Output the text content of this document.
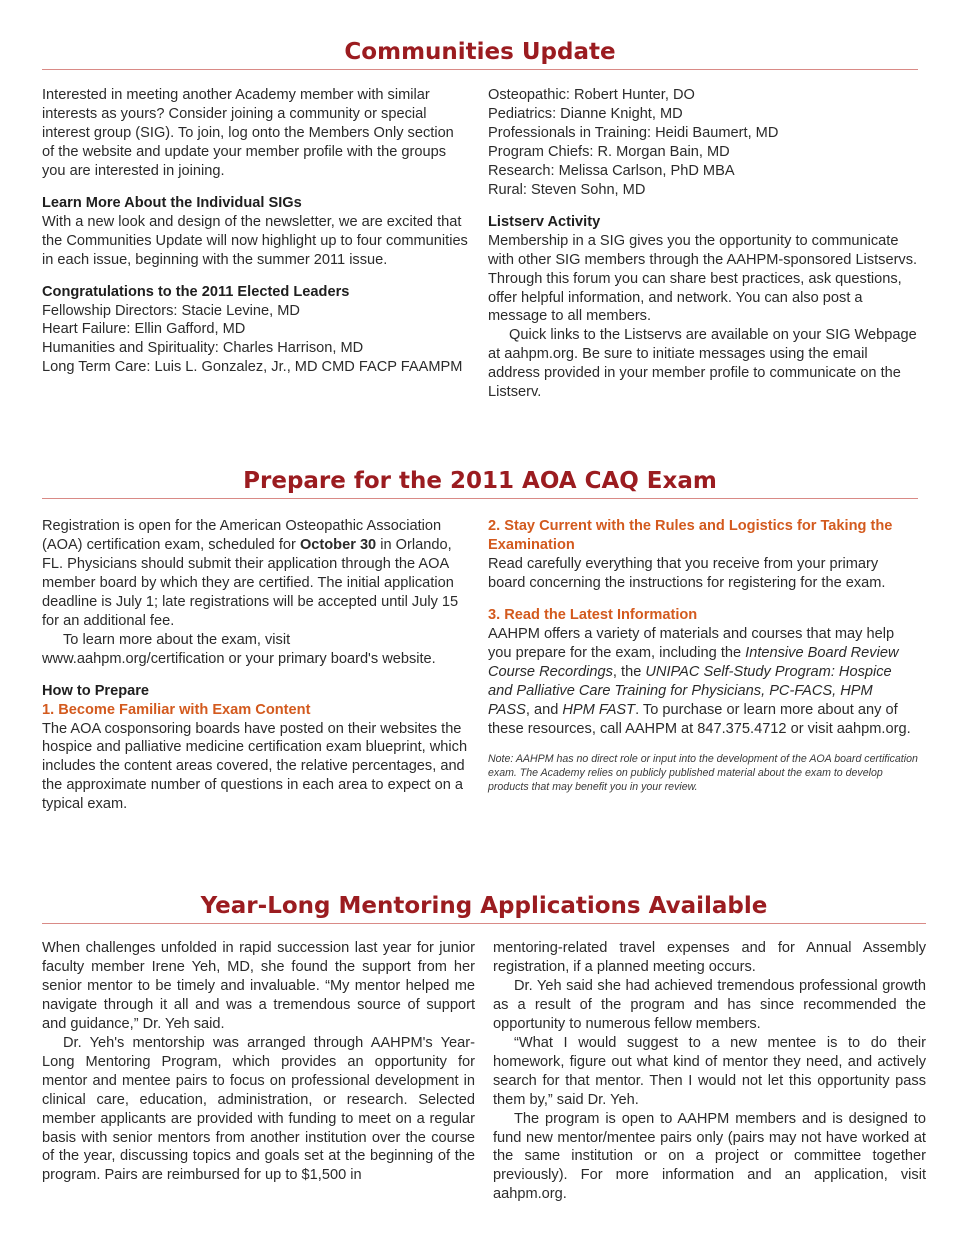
Communities Update

Interested in meeting another Academy member with similar interests as yours? Consider joining a community or special interest group (SIG). To join, log onto the Members Only section of the website and update your member profile with the groups you are interested in joining.

Learn More About the Individual SIGs

With a new look and design of the newsletter, we are excited that the Communities Update will now highlight up to four communities in each issue, beginning with the summer 2011 issue.

Congratulations to the 2011 Elected Leaders

Fellowship Directors: Stacie Levine, MD

Heart Failure: Ellin Gafford, MD

Humanities and Spirituality: Charles Harrison, MD

Long Term Care: Luis L. Gonzalez, Jr., MD CMD FACP FAAMPM

Osteopathic: Robert Hunter, DO

Pediatrics: Dianne Knight, MD

Professionals in Training: Heidi Baumert, MD

Program Chiefs: R. Morgan Bain, MD

Research: Melissa Carlson, PhD MBA

Rural: Steven Sohn, MD

Listserv Activity

Membership in a SIG gives you the opportunity to communicate with other SIG members through the AAHPM-sponsored Listservs. Through this forum you can share best practices, ask questions, offer helpful information, and network. You can also post a message to all members.

Quick links to the Listservs are available on your SIG Webpage at aahpm.org. Be sure to initiate messages using the email address provided in your member profile to communicate on the Listserv.

Prepare for the 2011 AOA CAQ Exam

Registration is open for the American Osteopathic Association (AOA) certification exam, scheduled for October 30 in Orlando, FL. Physicians should submit their application through the AOA member board by which they are certified. The initial application deadline is July 1; late registrations will be accepted until July 15 for an additional fee.

To learn more about the exam, visit www.aahpm.org/certification or your primary board's website.

How to Prepare

1. Become Familiar with Exam Content

The AOA cosponsoring boards have posted on their websites the hospice and palliative medicine certification exam blueprint, which includes the content areas covered, the relative percentages, and the approximate number of questions in each area to expect on a typical exam.

2. Stay Current with the Rules and Logistics for Taking the Examination

Read carefully everything that you receive from your primary board concerning the instructions for registering for the exam.

3. Read the Latest Information

AAHPM offers a variety of materials and courses that may help you prepare for the exam, including the Intensive Board Review Course Recordings, the UNIPAC Self-Study Program: Hospice and Palliative Care Training for Physicians, PC-FACS, HPM PASS, and HPM FAST. To purchase or learn more about any of these resources, call AAHPM at 847.375.4712 or visit aahpm.org.

Note: AAHPM has no direct role or input into the development of the AOA board certification exam. The Academy relies on publicly published material about the exam to develop products that may benefit you in your review.

Year-Long Mentoring Applications Available

When challenges unfolded in rapid succession last year for junior faculty member Irene Yeh, MD, she found the support from her senior mentor to be timely and invaluable. “My mentor helped me navigate through it all and was a tremendous source of support and guidance,” Dr. Yeh said.

Dr. Yeh's mentorship was arranged through AAHPM's Year-Long Mentoring Program, which provides an opportunity for mentor and mentee pairs to focus on professional development in clinical care, education, administration, or research. Selected member applicants are provided with funding to meet on a regular basis with senior mentors from another institution over the course of the year, discussing topics and goals set at the beginning of the program. Pairs are reimbursed for up to $1,500 in

mentoring-related travel expenses and for Annual Assembly registration, if a planned meeting occurs.

Dr. Yeh said she had achieved tremendous professional growth as a result of the program and has since recommended the opportunity to numerous fellow members.

“What I would suggest to a new mentee is to do their homework, figure out what kind of mentor they need, and actively search for that mentor. Then I would not let this opportunity pass them by,” said Dr. Yeh.

The program is open to AAHPM members and is designed to fund new mentor/mentee pairs only (pairs may not have worked at the same institution or on a project or committee together previously). For more information and an application, visit aahpm.org.
